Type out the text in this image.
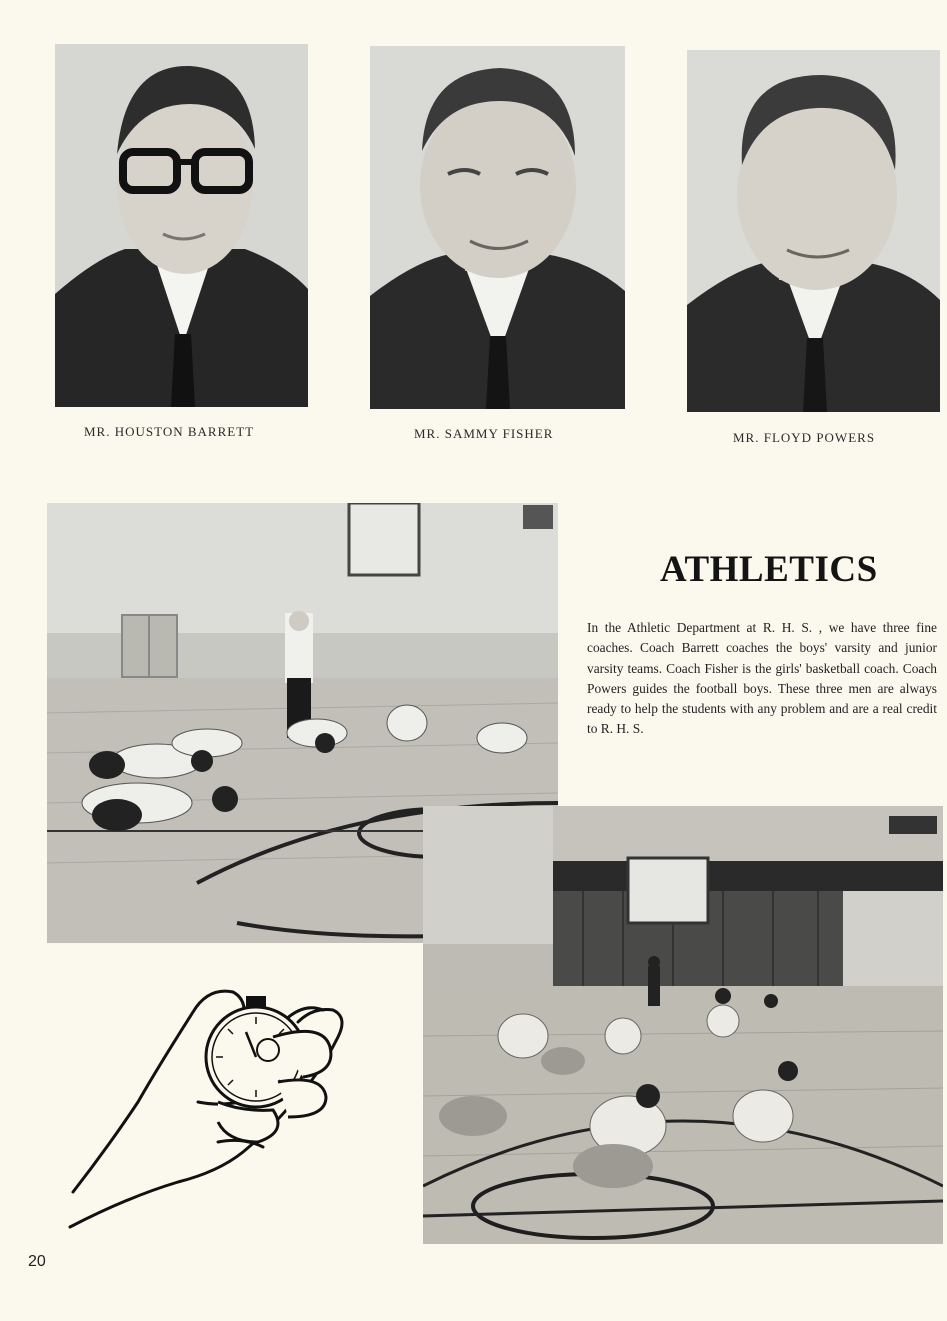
MR. HOUSTON BARRETT	MR. SAMMY FISHER	MR. FLOYD POWERS
ATHLETICS
In the Athletic Department at R. H. S. , we have three fine coaches. Coach Barrett coaches the boys' varsity and junior varsity teams. Coach Fisher is the girls' basketball coach. Coach Powers guides the football boys. These three men are always ready to help the students with any problem and are a real credit to R. H. S.
20
